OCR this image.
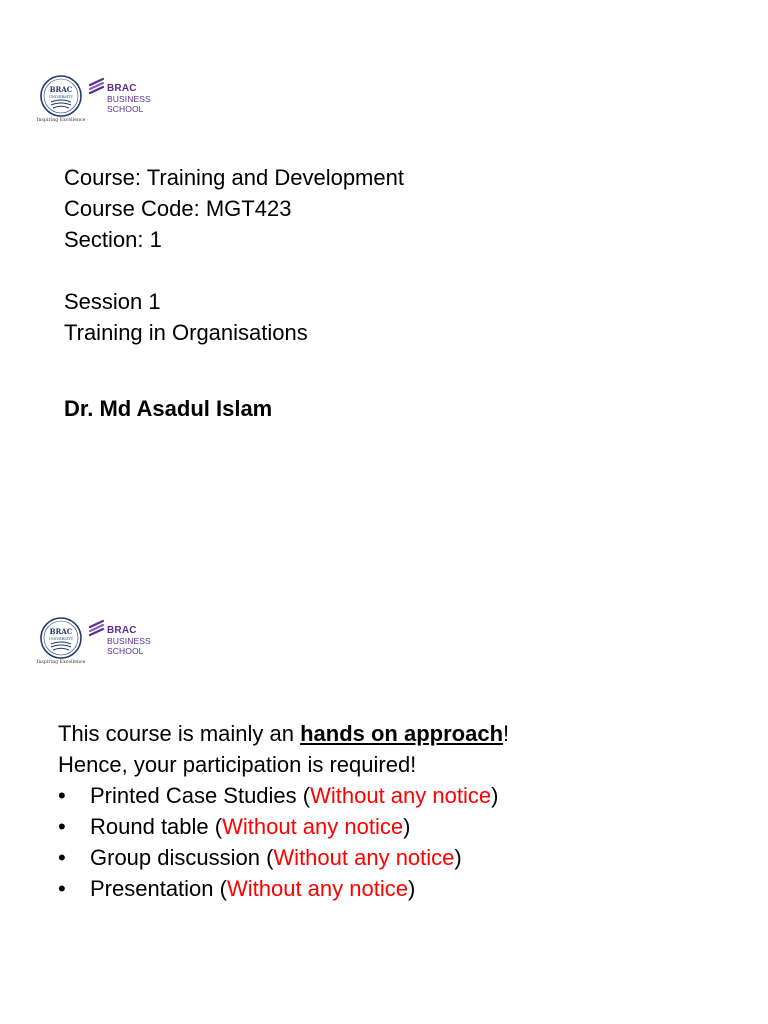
BRAC
UNIVERSITY
Inspiring Excellence
BRAC
BUSINESS
SCHOOL
Course: Training and Development
Course Code: MGT423
Section: 1
Session 1
Training in Organisations
Dr. Md Asadul Islam
BRAC
UNIVERSITY
Inspiring Excellence
BRAC
BUSINESS
SCHOOL
This course is mainly an hands on approach!
Hence, your participation is required!
• Printed Case Studies (Without any notice)
• Round table (Without any notice)
• Group discussion (Without any notice)
• Presentation (Without any notice)
